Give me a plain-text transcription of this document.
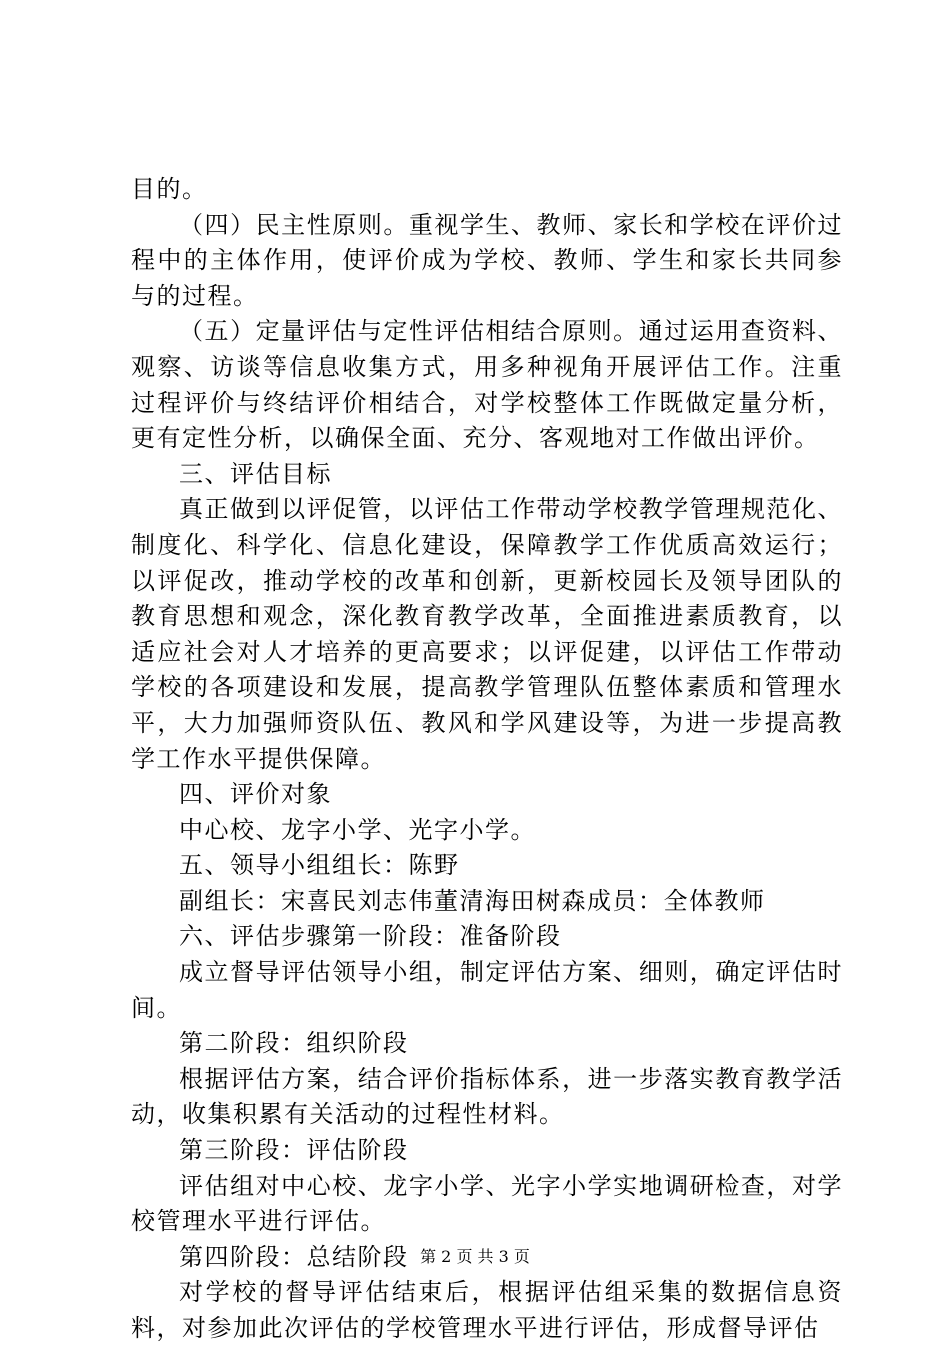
目的。

（四）民主性原则。重视学生、教师、家长和学校在评价过程中的主体作用，使评价成为学校、教师、学生和家长共同参与的过程。

（五）定量评估与定性评估相结合原则。通过运用查资料、观察、访谈等信息收集方式，用多种视角开展评估工作。注重过程评价与终结评价相结合，对学校整体工作既做定量分析，更有定性分析，以确保全面、充分、客观地对工作做出评价。

三、评估目标

真正做到以评促管，以评估工作带动学校教学管理规范化、制度化、科学化、信息化建设，保障教学工作优质高效运行；以评促改，推动学校的改革和创新，更新校园长及领导团队的教育思想和观念，深化教育教学改革，全面推进素质教育，以适应社会对人才培养的更高要求；以评促建，以评估工作带动学校的各项建设和发展，提高教学管理队伍整体素质和管理水平，大力加强师资队伍、教风和学风建设等，为进一步提高教学工作水平提供保障。

四、评价对象

中心校、龙字小学、光字小学。

五、领导小组组长：陈野

副组长：宋喜民刘志伟董清海田树森成员：全体教师

六、评估步骤第一阶段：准备阶段

成立督导评估领导小组，制定评估方案、细则，确定评估时间。

第二阶段：组织阶段

根据评估方案，结合评价指标体系，进一步落实教育教学活动，收集积累有关活动的过程性材料。

第三阶段：评估阶段

评估组对中心校、龙字小学、光字小学实地调研检查，对学校管理水平进行评估。

第四阶段：总结阶段

对学校的督导评估结束后，根据评估组采集的数据信息资料，对参加此次评估的学校管理水平进行评估，形成督导评估

第 2 页 共 3 页
